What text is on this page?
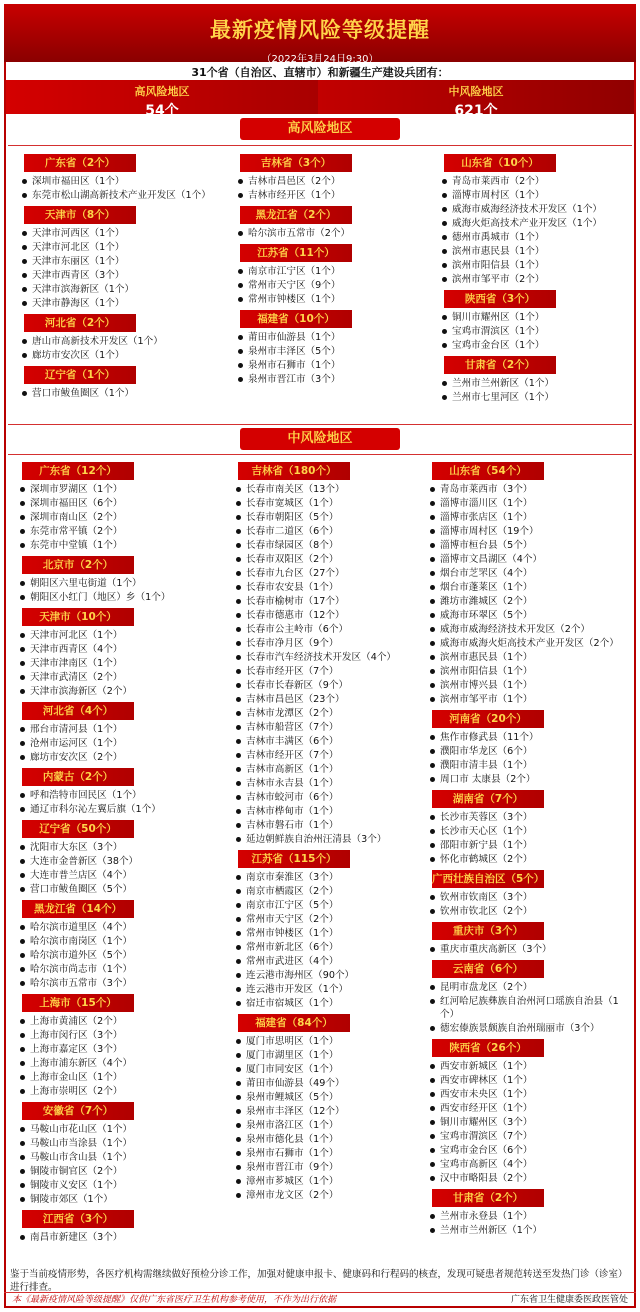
最新疫情风险等级提醒
（2022年3月24日9:30）
31个省（自治区、直辖市）和新疆生产建设兵团有：
高风险地区
54个
中风险地区
621个
高风险地区
广东省（2个）
深圳市福田区（1个）
东莞市松山湖高新技术产业开发区（1个）
天津市（8个）
天津市河西区（1个）
天津市河北区（1个）
天津市东丽区（1个）
天津市西青区（3个）
天津市滨海新区（1个）
天津市静海区（1个）
河北省（2个）
唐山市高新技术开发区（1个）
廊坊市安次区（1个）
辽宁省（1个）
营口市鲅鱼圈区（1个）
吉林省（3个）
吉林市昌邑区（2个）
吉林市经开区（1个）
黑龙江省（2个）
哈尔滨市五常市（2个）
江苏省（11个）
南京市江宁区（1个）
常州市天宁区（9个）
常州市钟楼区（1个）
福建省（10个）
莆田市仙游县（1个）
泉州市丰泽区（5个）
泉州市石狮市（1个）
泉州市晋江市（3个）
山东省（10个）
青岛市莱西市（2个）
淄博市周村区（1个）
威海市威海经济技术开发区（1个）
威海火炬高技术产业开发区（1个）
德州市禹城市（1个）
滨州市惠民县（1个）
滨州市阳信县（1个）
滨州市邹平市（2个）
陕西省（3个）
铜川市耀州区（1个）
宝鸡市渭滨区（1个）
宝鸡市金台区（1个）
甘肃省（2个）
兰州市兰州新区（1个）
兰州市七里河区（1个）
中风险地区
广东省（12个）
深圳市罗湖区（1个）
深圳市福田区（6个）
深圳市南山区（2个）
东莞市常平镇（2个）
东莞市中堂镇（1个）
北京市（2个）
朝阳区六里屯街道（1个）
朝阳区小红门（地区）乡（1个）
天津市（10个）
天津市河北区（1个）
天津市西青区（4个）
天津市津南区（1个）
天津市武清区（2个）
天津市滨海新区（2个）
河北省（4个）
邢台市清河县（1个）
沧州市运河区（1个）
廊坊市安次区（2个）
内蒙古（2个）
呼和浩特市回民区（1个）
通辽市科尔沁左翼后旗（1个）
辽宁省（50个）
沈阳市大东区（3个）
大连市金普新区（38个）
大连市普兰店区（4个）
营口市鲅鱼圈区（5个）
黑龙江省（14个）
哈尔滨市道里区（4个）
哈尔滨市南岗区（1个）
哈尔滨市道外区（5个）
哈尔滨市尚志市（1个）
哈尔滨市五常市（3个）
上海市（15个）
上海市黄浦区（2个）
上海市闵行区（3个）
上海市嘉定区（3个）
上海市浦东新区（4个）
上海市金山区（1个）
上海市崇明区（2个）
安徽省（7个）
马鞍山市花山区（1个）
马鞍山市当涂县（1个）
马鞍山市含山县（1个）
铜陵市铜官区（2个）
铜陵市义安区（1个）
铜陵市郊区（1个）
江西省（3个）
南昌市新建区（3个）
吉林省（180个）
长春市南关区（13个）
长春市宽城区（1个）
长春市朝阳区（5个）
长春市二道区（6个）
长春市绿园区（8个）
长春市双阳区（2个）
长春市九台区（27个）
长春市农安县（1个）
长春市榆树市（17个）
长春市德惠市（12个）
长春市公主岭市（6个）
长春市净月区（9个）
长春市汽车经济技术开发区（4个）
长春市经开区（7个）
长春市长春新区（9个）
吉林市昌邑区（23个）
吉林市龙潭区（2个）
吉林市船营区（7个）
吉林市丰满区（6个）
吉林市经开区（7个）
吉林市高新区（1个）
吉林市永吉县（1个）
吉林市蛟河市（6个）
吉林市桦甸市（1个）
吉林市磐石市（1个）
延边朝鲜族自治州汪清县（3个）
江苏省（115个）
南京市秦淮区（3个）
南京市栖霞区（2个）
南京市江宁区（5个）
常州市天宁区（2个）
常州市钟楼区（1个）
常州市新北区（6个）
常州市武进区（4个）
连云港市海州区（90个）
连云港市开发区（1个）
宿迁市宿城区（1个）
福建省（84个）
厦门市思明区（1个）
厦门市湖里区（1个）
厦门市同安区（1个）
莆田市仙游县（49个）
泉州市鲤城区（5个）
泉州市丰泽区（12个）
泉州市洛江区（1个）
泉州市德化县（1个）
泉州市石狮市（1个）
泉州市晋江市（9个）
漳州市芗城区（1个）
漳州市龙文区（2个）
山东省（54个）
青岛市莱西市（3个）
淄博市淄川区（1个）
淄博市张店区（1个）
淄博市周村区（19个）
淄博市桓台县（5个）
淄博市文昌湖区（4个）
烟台市芝罘区（4个）
烟台市蓬莱区（1个）
潍坊市潍城区（2个）
威海市环翠区（5个）
威海市威海经济技术开发区（2个）
威海市威海火炬高技术产业开发区（2个）
滨州市惠民县（1个）
滨州市阳信县（1个）
滨州市博兴县（1个）
滨州市邹平市（1个）
河南省（20个）
焦作市修武县（11个）
濮阳市华龙区（6个）
濮阳市清丰县（1个）
周口市 太康县（2个）
湖南省（7个）
长沙市芙蓉区（3个）
长沙市天心区（1个）
邵阳市新宁县（1个）
怀化市鹤城区（2个）
广西壮族自治区（5个）
钦州市钦南区（3个）
钦州市钦北区（2个）
重庆市（3个）
重庆市重庆高新区（3个）
云南省（6个）
昆明市盘龙区（2个）
红河哈尼族彝族自治州河口瑶族自治县（1个）
德宏傣族景颇族自治州瑞丽市（3个）
陕西省（26个）
西安市新城区（1个）
西安市碑林区（1个）
西安市未央区（1个）
西安市经开区（1个）
铜川市耀州区（3个）
宝鸡市渭滨区（7个）
宝鸡市金台区（6个）
宝鸡市高新区（4个）
汉中市略阳县（2个）
甘肃省（2个）
兰州市永登县（1个）
兰州市兰州新区（1个）
鉴于当前疫情形势，各医疗机构需继续做好预检分诊工作，加强对健康申报卡、健康码和行程码的核查，发现可疑患者规范转送至发热门诊（诊室）进行排查。
本《最新疫情风险等级提醒》仅供广东省医疗卫生机构参考使用，不作为出行依据	广东省卫生健康委医政医管处
